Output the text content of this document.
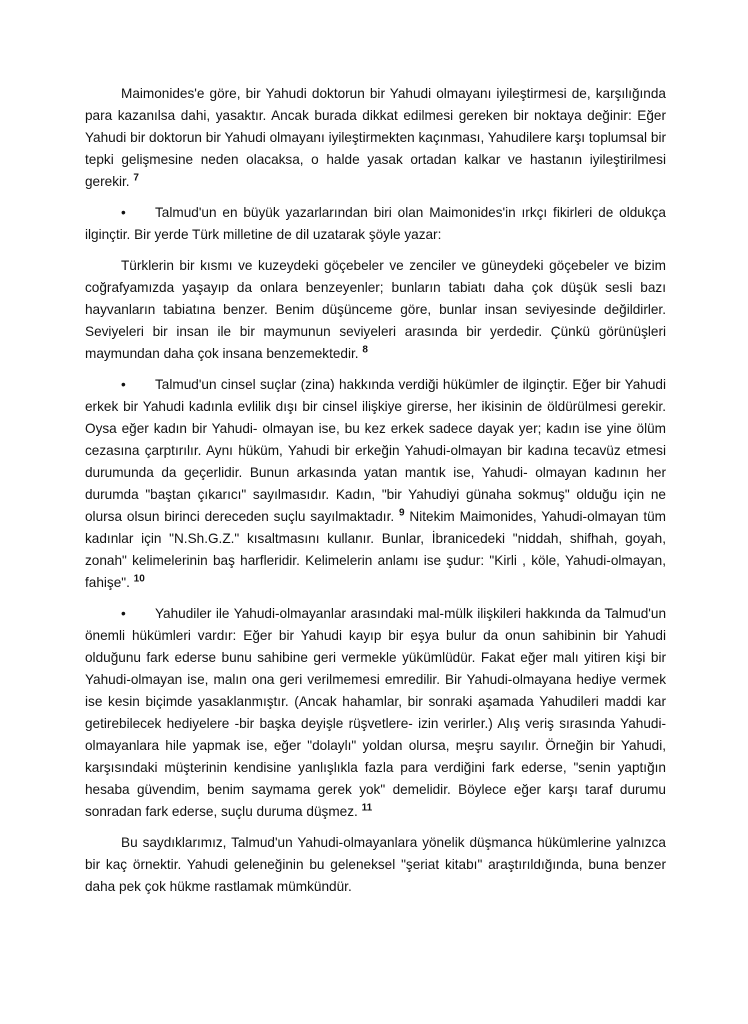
Maimonides'e göre, bir Yahudi doktorun bir Yahudi olmayanı iyileştirmesi de, karşılığında para kazanılsa dahi, yasaktır. Ancak burada dikkat edilmesi gereken bir noktaya değinir: Eğer Yahudi bir doktorun bir Yahudi olmayanı iyileştirmekten kaçınması, Yahudilere karşı toplumsal bir tepki gelişmesine neden olacaksa, o halde yasak ortadan kalkar ve hastanın iyileştirilmesi gerekir. $^7$

• Talmud'un en büyük yazarlarından biri olan Maimonides'in ırkçı fikirleri de oldukça ilginçtir. Bir yerde Türk milletine de dil uzatarak şöyle yazar:

Türklerin bir kısmı ve kuzeydeki göçebeler ve zenciler ve güneydeki göçebeler ve bizim coğrafyamızda yaşayıp da onlara benzeyenler; bunların tabiatı daha çok düşük sesli bazı hayvanların tabiatına benzer. Benim düşünceme göre, bunlar insan seviyesinde değildirler. Seviyeleri bir insan ile bir maymunun seviyeleri arasında bir yerdedir. Çünkü görünüşleri maymundan daha çok insana benzemektedir. $^8$

• Talmud'un cinsel suçlar (zina) hakkında verdiği hükümler de ilginçtir. Eğer bir Yahudi erkek bir Yahudi kadınla evlilik dışı bir cinsel ilişkiye girerse, her ikisinin de öldürülmesi gerekir. Oysa eğer kadın bir Yahudi- olmayan ise, bu kez erkek sadece dayak yer; kadın ise yine ölüm cezasına çarptırılır. Aynı hüküm, Yahudi bir erkeğin Yahudi-olmayan bir kadına tecavüz etmesi durumunda da geçerlidir. Bunun arkasında yatan mantık ise, Yahudi- olmayan kadının her durumda "baştan çıkarıcı" sayılmasıdır. Kadın, "bir Yahudiyi günaha sokmuş" olduğu için ne olursa olsun birinci dereceden suçlu sayılmaktadır. $^9$ Nitekim Maimonides, Yahudi-olmayan tüm kadınlar için "N.Sh.G.Z." kısaltmasını kullanır. Bunlar, İbranicedeki "niddah, shifhah, goyah, zonah" kelimelerinin baş harfleridir. Kelimelerin anlamı ise şudur: "Kirli , köle, Yahudi-olmayan, fahişe". $^{10}$

• Yahudiler ile Yahudi-olmayanlar arasındaki mal-mülk ilişkileri hakkında da Talmud'un önemli hükümleri vardır: Eğer bir Yahudi kayıp bir eşya bulur da onun sahibinin bir Yahudi olduğunu fark ederse bunu sahibine geri vermekle yükümlüdür. Fakat eğer malı yitiren kişi bir Yahudi-olmayan ise, malın ona geri verilmemesi emredilir. Bir Yahudi-olmayana hediye vermek ise kesin biçimde yasaklanmıştır. (Ancak hahamlar, bir sonraki aşamada Yahudileri maddi kar getirebilecek hediyelere -bir başka deyişle rüşvetlere- izin verirler.) Alış veriş sırasında Yahudi-olmayanlara hile yapmak ise, eğer "dolaylı" yoldan olursa, meşru sayılır. Örneğin bir Yahudi, karşısındaki müşterinin kendisine yanlışlıkla fazla para verdiğini fark ederse, "senin yaptığın hesaba güvendim, benim saymama gerek yok" demelidir. Böylece eğer karşı taraf durumu sonradan fark ederse, suçlu duruma düşmez. $^{11}$

Bu saydıklarımız, Talmud'un Yahudi-olmayanlara yönelik düşmanca hükümlerine yalnızca bir kaç örnektir. Yahudi geleneğinin bu geleneksel "şeriat kitabı" araştırıldığında, buna benzer daha pek çok hükme rastlamak mümkündür.
